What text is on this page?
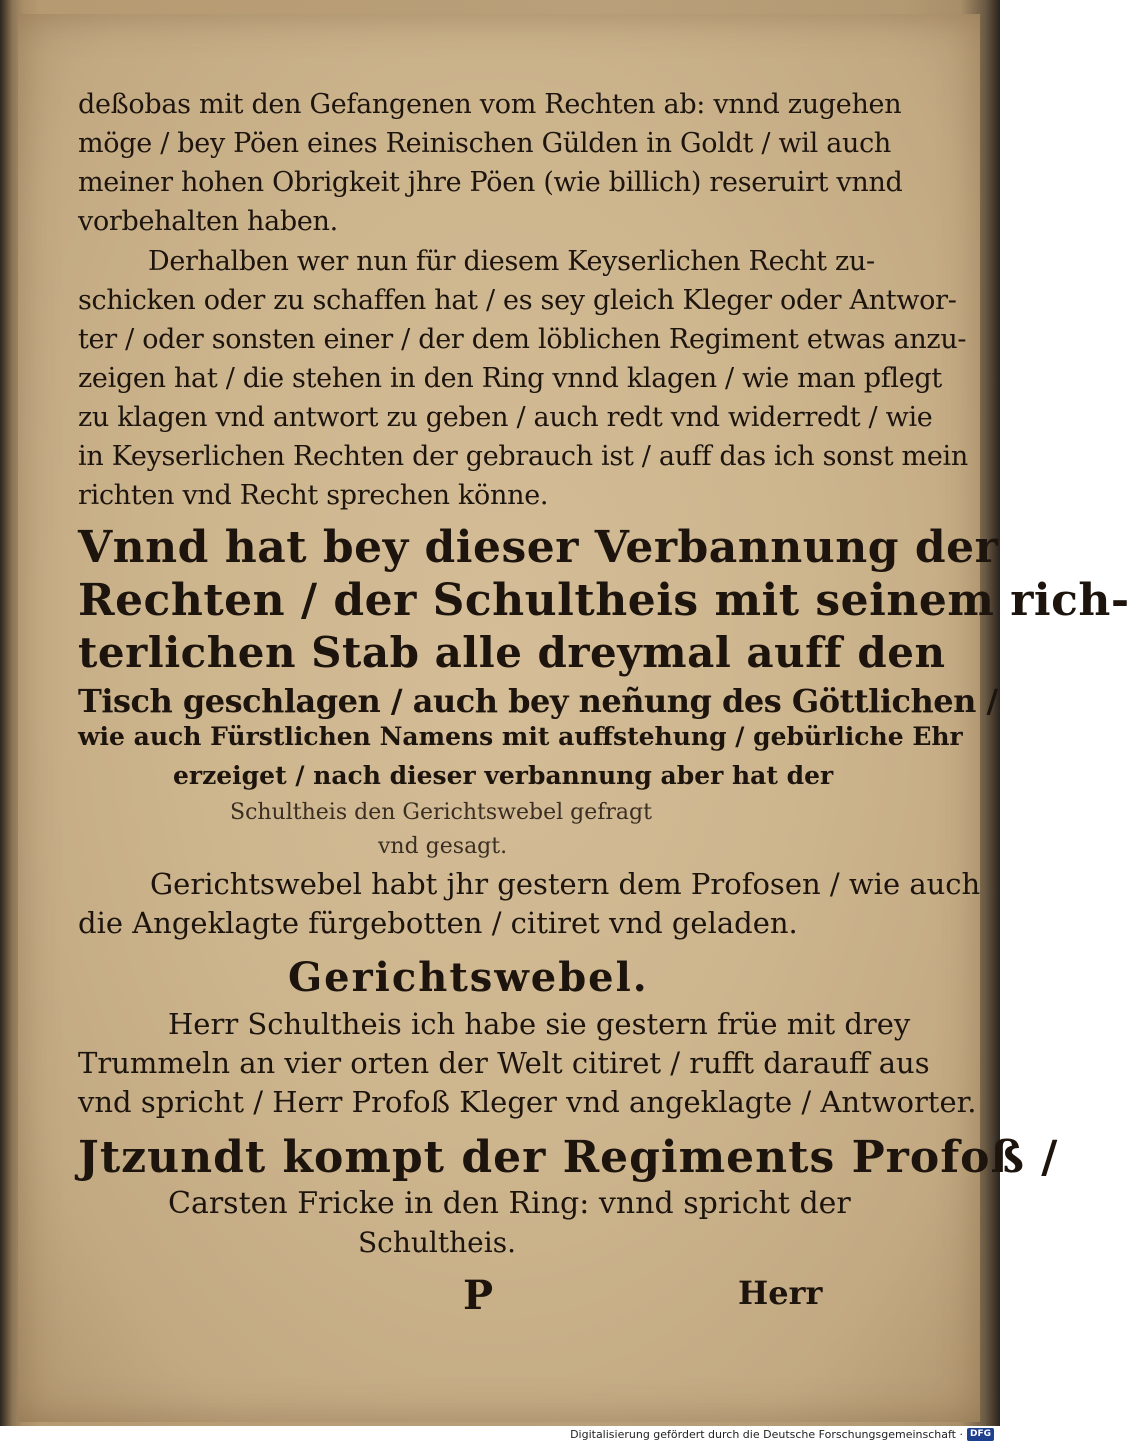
deßobas mit den Gefangenen vom Rechten ab: vnnd zugehen
möge / bey Pöen eines Reinischen Gülden in Goldt / wil auch
meiner hohen Obrigkeit jhre Pöen (wie billich) reseruirt vnnd
vorbehalten haben.
Derhalben wer nun für diesem Keyserlichen Recht zu-
schicken oder zu schaffen hat / es sey gleich Kleger oder Antwor-
ter / oder sonsten einer / der dem löblichen Regiment etwas anzu-
zeigen hat / die stehen in den Ring vnnd klagen / wie man pflegt
zu klagen vnd antwort zu geben / auch redt vnd widerredt / wie
in Keyserlichen Rechten der gebrauch ist / auff das ich sonst mein
richten vnd Recht sprechen könne.
Vnnd hat bey dieser Verbannung der
Rechten / der Schultheis mit seinem rich-
terlichen Stab alle dreymal auff den
Tisch geschlagen / auch bey neñung des Göttlichen /
wie auch Fürstlichen Namens mit auffstehung / gebürliche Ehr
erzeiget / nach dieser verbannung aber hat der
Schultheis den Gerichtswebel gefragt
vnd gesagt.
Gerichtswebel habt jhr gestern dem Profosen / wie auch
die Angeklagte fürgebotten / citiret vnd geladen.
Gerichtswebel.
Herr Schultheis ich habe sie gestern früe mit drey
Trummeln an vier orten der Welt citiret / rufft darauff aus
vnd spricht / Herr Profoß Kleger vnd angeklagte / Antworter.
Jtzundt kompt der Regiments Profoß /
Carsten Fricke in den Ring: vnnd spricht der
Schultheis.
P	Herr
Digitalisierung gefördert durch die Deutsche Forschungsgemeinschaft · DFG
